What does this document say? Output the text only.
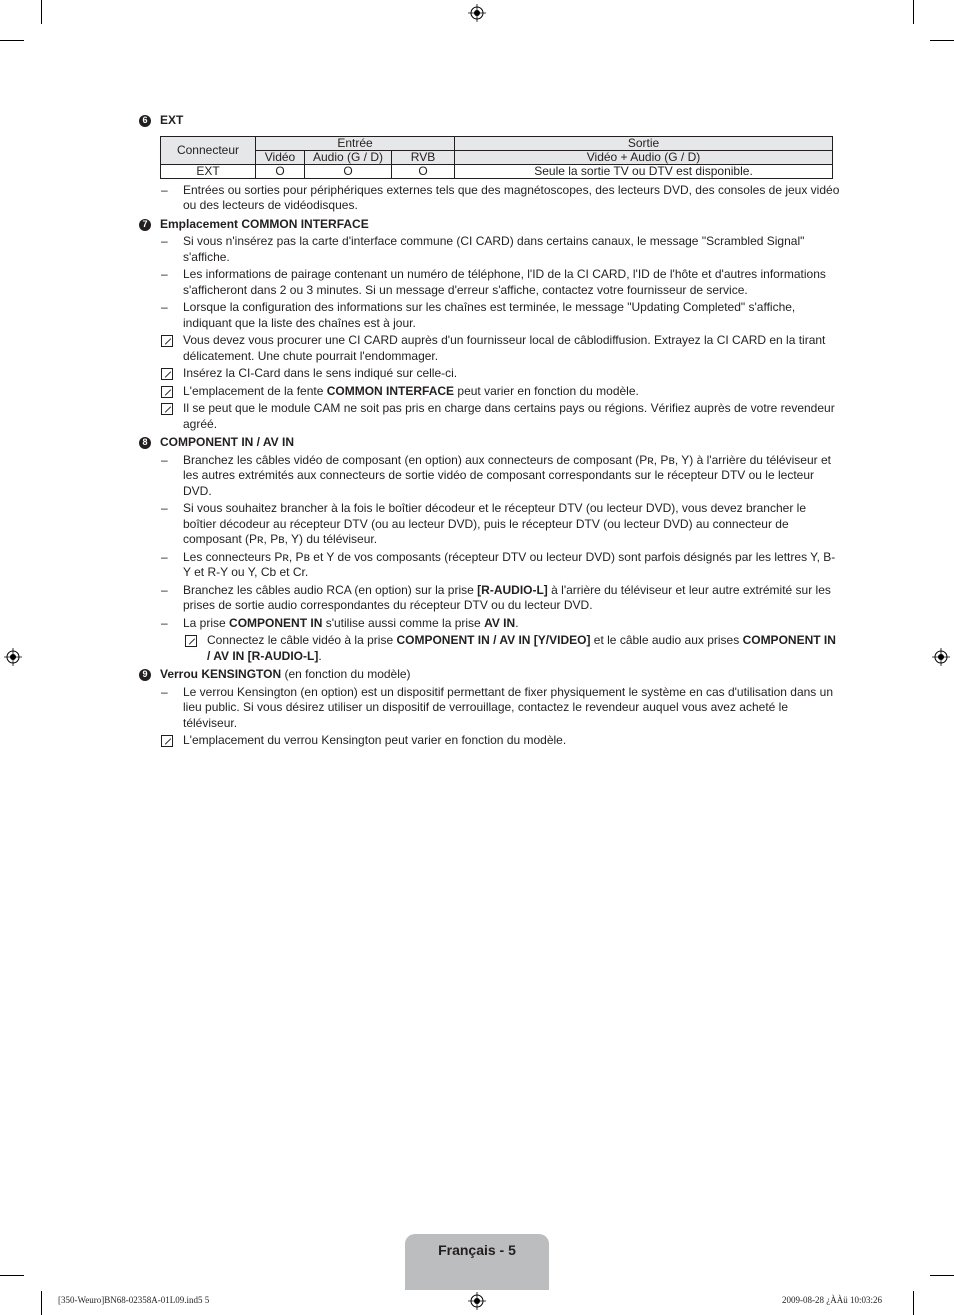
6 EXT
Connecteur	Entrée			Sortie
	Vidéo	Audio (G / D)	RVB	Vidéo + Audio (G / D)
EXT	O	O	O	Seule la sortie TV ou DTV est disponible.
–	Entrées ou sorties pour périphériques externes tels que des magnétoscopes, des lecteurs DVD, des consoles de jeux vidéo ou des lecteurs de vidéodisques.
7 Emplacement COMMON INTERFACE
–	Si vous n'insérez pas la carte d'interface commune (CI CARD) dans certains canaux, le message "Scrambled Signal" s'affiche.
–	Les informations de pairage contenant un numéro de téléphone, l'ID de la CI CARD, l'ID de l'hôte et d'autres informations s'afficheront dans 2 ou 3 minutes. Si un message d'erreur s'affiche, contactez votre fournisseur de service.
–	Lorsque la configuration des informations sur les chaînes est terminée, le message "Updating Completed" s'affiche, indiquant que la liste des chaînes est à jour.
Vous devez vous procurer une CI CARD auprès d'un fournisseur local de câblodiffusion. Extrayez la CI CARD en la tirant délicatement. Une chute pourrait l'endommager.
Insérez la CI-Card dans le sens indiqué sur celle-ci.
L'emplacement de la fente COMMON INTERFACE peut varier en fonction du modèle.
Il se peut que le module CAM ne soit pas pris en charge dans certains pays ou régions. Vérifiez auprès de votre revendeur agréé.
8 COMPONENT IN / AV IN
–	Branchez les câbles vidéo de composant (en option) aux connecteurs de composant (Pʀ, Pʙ, Y) à l'arrière du téléviseur et les autres extrémités aux connecteurs de sortie vidéo de composant correspondants sur le récepteur DTV ou le lecteur DVD.
–	Si vous souhaitez brancher à la fois le boîtier décodeur et le récepteur DTV (ou lecteur DVD), vous devez brancher le boîtier décodeur au récepteur DTV (ou au lecteur DVD), puis le récepteur DTV (ou lecteur DVD) au connecteur de composant (Pʀ, Pʙ, Y) du téléviseur.
–	Les connecteurs Pʀ, Pʙ et Y de vos composants (récepteur DTV ou lecteur DVD) sont parfois désignés par les lettres Y, B-Y et R-Y ou Y, Cb et Cr.
–	Branchez les câbles audio RCA (en option) sur la prise [R-AUDIO-L] à l'arrière du téléviseur et leur autre extrémité sur les prises de sortie audio correspondantes du récepteur DTV ou du lecteur DVD.
–	La prise COMPONENT IN s'utilise aussi comme la prise AV IN.
Connectez le câble vidéo à la prise COMPONENT IN / AV IN [Y/VIDEO] et le câble audio aux prises COMPONENT IN / AV IN [R-AUDIO-L].
9 Verrou KENSINGTON (en fonction du modèle)
–	Le verrou Kensington (en option) est un dispositif permettant de fixer physiquement le système en cas d'utilisation dans un lieu public. Si vous désirez utiliser un dispositif de verrouillage, contactez le revendeur auquel vous avez acheté le téléviseur.
L'emplacement du verrou Kensington peut varier en fonction du modèle.
Français - 5
[350-Weuro]BN68-02358A-01L09.ind5 5	2009-08-28 ¿ÀÀü 10:03:26
